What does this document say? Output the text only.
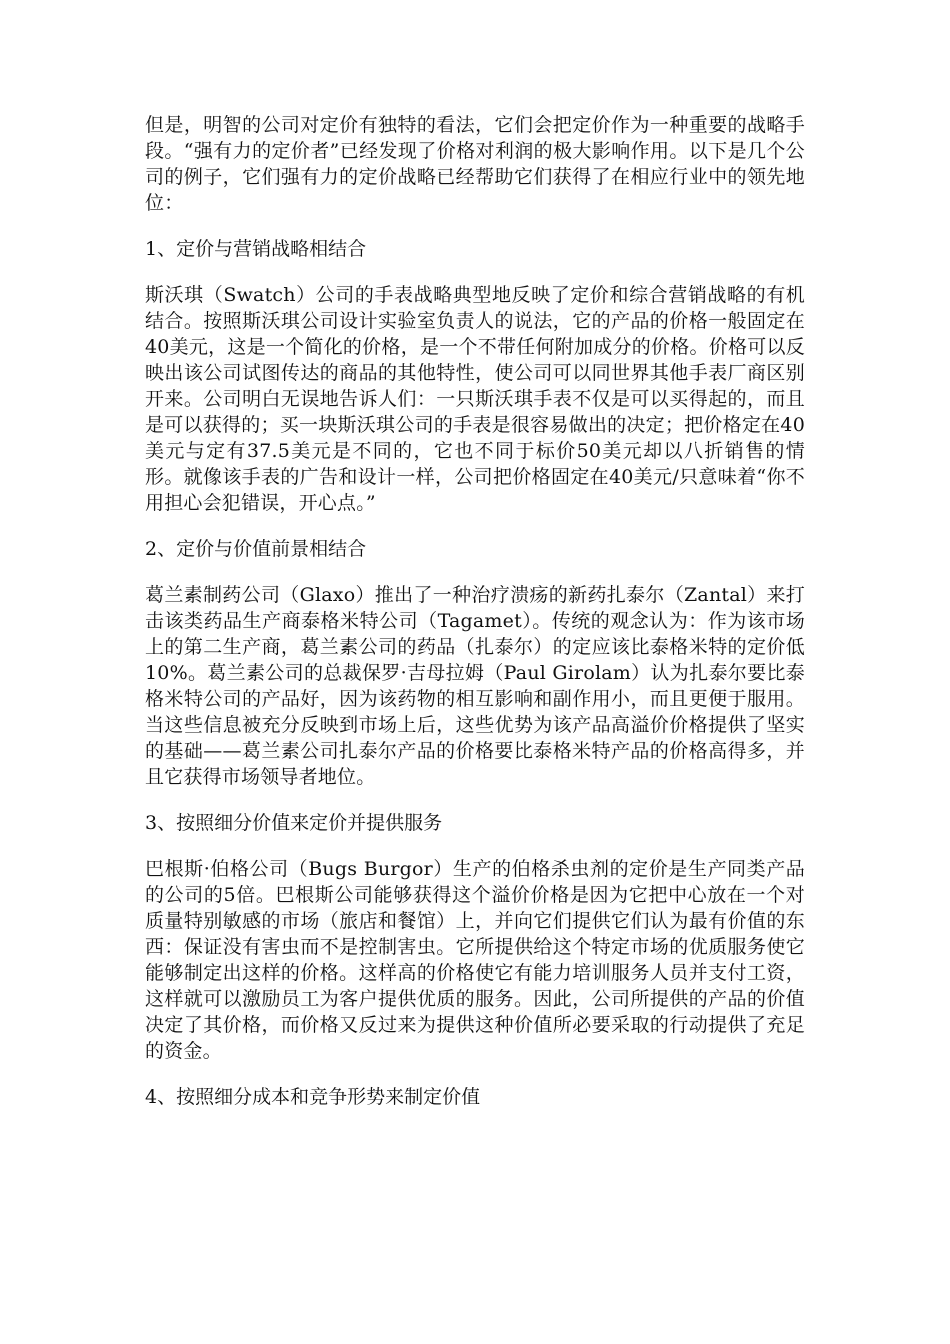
但是，明智的公司对定价有独特的看法，它们会把定价作为一种重要的战略手段。“强有力的定价者”已经发现了价格对利润的极大影响作用。以下是几个公司的例子，它们强有力的定价战略已经帮助它们获得了在相应行业中的领先地位：

1、定价与营销战略相结合

斯沃琪（Swatch）公司的手表战略典型地反映了定价和综合营销战略的有机结合。按照斯沃琪公司设计实验室负责人的说法，它的产品的价格一般固定在40美元，这是一个简化的价格，是一个不带任何附加成分的价格。价格可以反映出该公司试图传达的商品的其他特性，使公司可以同世界其他手表厂商区别开来。公司明白无误地告诉人们：一只斯沃琪手表不仅是可以买得起的，而且是可以获得的；买一块斯沃琪公司的手表是很容易做出的决定；把价格定在40美元与定有37.5美元是不同的，它也不同于标价50美元却以八折销售的情形。就像该手表的广告和设计一样，公司把价格固定在40美元/只意味着“你不用担心会犯错误，开心点。”

2、定价与价值前景相结合

葛兰素制药公司（Glaxo）推出了一种治疗溃疡的新药扎泰尔（Zantal）来打击该类药品生产商泰格米特公司（Tagamet）。传统的观念认为：作为该市场上的第二生产商，葛兰素公司的药品（扎泰尔）的定应该比泰格米特的定价低10%。葛兰素公司的总裁保罗·吉母拉姆（Paul Girolam）认为扎泰尔要比泰格米特公司的产品好，因为该药物的相互影响和副作用小，而且更便于服用。当这些信息被充分反映到市场上后，这些优势为该产品高溢价价格提供了坚实的基础——葛兰素公司扎泰尔产品的价格要比泰格米特产品的价格高得多，并且它获得市场领导者地位。

3、按照细分价值来定价并提供服务

巴根斯·伯格公司（Bugs Burgor）生产的伯格杀虫剂的定价是生产同类产品的公司的5倍。巴根斯公司能够获得这个溢价价格是因为它把中心放在一个对质量特别敏感的市场（旅店和餐馆）上，并向它们提供它们认为最有价值的东西：保证没有害虫而不是控制害虫。它所提供给这个特定市场的优质服务使它能够制定出这样的价格。这样高的价格使它有能力培训服务人员并支付工资，这样就可以激励员工为客户提供优质的服务。因此，公司所提供的产品的价值决定了其价格，而价格又反过来为提供这种价值所必要采取的行动提供了充足的资金。

4、按照细分成本和竞争形势来制定价值
